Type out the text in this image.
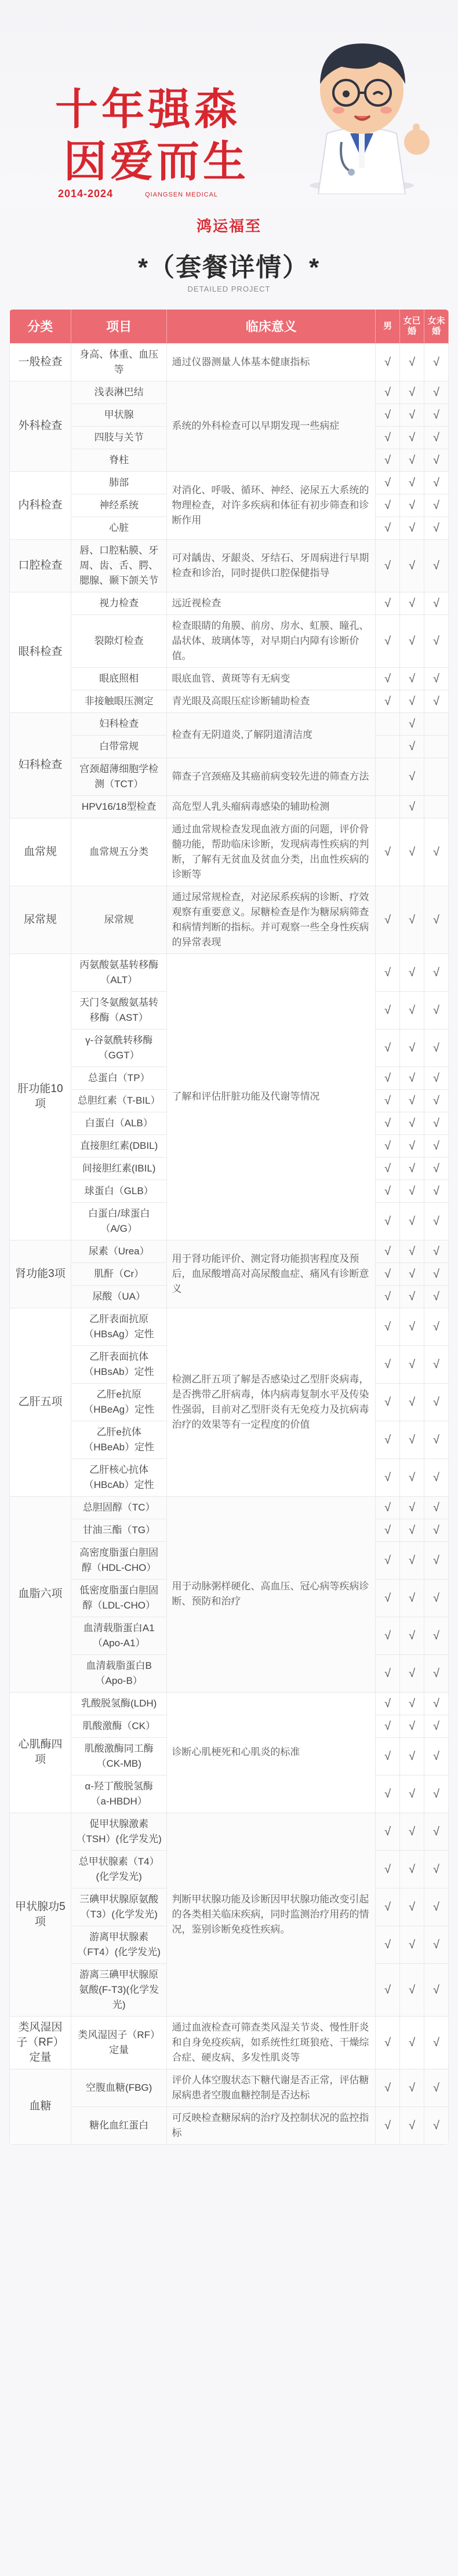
十年强森
因爱而生
2014-2024	QIANGSEN MEDICAL
鸿运福至
*（套餐详情）*
DETAILED PROJECT
分类	项目	临床意义	男	女已婚	女未婚
一般检查	身高、体重、血压等	通过仪器测量人体基本健康指标	√	√	√
外科检查	浅表淋巴结	系统的外科检查可以早期发现一些病症	√	√	√
	甲状腺		√	√	√
	四肢与关节		√	√	√
	脊柱		√	√	√
内科检查	肺部	对消化、呼吸、循环、神经、泌尿五大系统的物理检查，对许多疾病和体征有初步筛查和诊断作用	√	√	√
	神经系统		√	√	√
	心脏		√	√	√
口腔检查	唇、口腔粘膜、牙周、齿、舌、腭、腮腺、颞下颌关节	可对龋齿、牙龈炎、牙结石、牙周病进行早期检查和诊治，同时提供口腔保健指导	√	√	√
眼科检查	视力检查	远近视检查	√	√	√
	裂隙灯检查	检查眼睛的角膜、前房、房水、虹膜、瞳孔、晶状体、玻璃体等，对早期白内障有诊断价值。	√	√	√
	眼底照相	眼底血管、黄斑等有无病变	√	√	√
	非接触眼压测定	青光眼及高眼压症诊断辅助检查	√	√	√
妇科检查	妇科检查	检查有无阴道炎,了解阴道清洁度		√	
	白带常规			√	
	宫颈超薄细胞学检测（TCT）	筛查子宫颈癌及其癌前病变较先进的筛查方法		√	
	HPV16/18型检查	高危型人乳头瘤病毒感染的辅助检测		√	
血常规	血常规五分类	通过血常规检查发现血液方面的问题，评价骨髓功能，帮助临床诊断，发现病毒性疾病的判断，了解有无贫血及贫血分类，出血性疾病的诊断等	√	√	√
尿常规	尿常规	通过尿常规检查，对泌尿系疾病的诊断、疗效观察有重要意义。尿糖检查是作为糖尿病筛查和病情判断的指标。并可观察一些全身性疾病的异常表现	√	√	√
肝功能10项	丙氨酸氨基转移酶（ALT）	了解和评估肝脏功能及代谢等情况	√	√	√
	天门冬氨酸氨基转移酶（AST）		√	√	√
	γ-谷氨酰转移酶（GGT）		√	√	√
	总蛋白（TP）		√	√	√
	总胆红素（T-BIL）		√	√	√
	白蛋白（ALB）		√	√	√
	直接胆红素(DBIL)		√	√	√
	间接胆红素(IBIL)		√	√	√
	球蛋白（GLB）		√	√	√
	白蛋白/球蛋白（A/G）		√	√	√
肾功能3项	尿素（Urea）	用于肾功能评价、测定肾功能损害程度及预后，血尿酸增高对高尿酸血症、痛风有诊断意义	√	√	√
	肌酐（Cr）		√	√	√
	尿酸（UA）		√	√	√
乙肝五项	乙肝表面抗原（HBsAg）定性	检测乙肝五项了解是否感染过乙型肝炎病毒，是否携带乙肝病毒，体内病毒复制水平及传染性强弱，目前对乙型肝炎有无免疫力及抗病毒治疗的效果等有一定程度的价值	√	√	√
	乙肝表面抗体（HBsAb）定性		√	√	√
	乙肝e抗原（HBeAg）定性		√	√	√
	乙肝e抗体（HBeAb）定性		√	√	√
	乙肝核心抗体（HBcAb）定性		√	√	√
血脂六项	总胆固醇（TC）	用于动脉粥样硬化、高血压、冠心病等疾病诊断、预防和治疗	√	√	√
	甘油三酯（TG）		√	√	√
	高密度脂蛋白胆固醇（HDL-CHO）		√	√	√
	低密度脂蛋白胆固醇（LDL-CHO）		√	√	√
	血清载脂蛋白A1（Apo-A1）		√	√	√
	血清载脂蛋白B（Apo-B）		√	√	√
心肌酶四项	乳酸脱氢酶(LDH)	诊断心肌梗死和心肌炎的标准	√	√	√
	肌酸激酶（CK）		√	√	√
	肌酸激酶同工酶（CK-MB)		√	√	√
	α-羟丁酸脱氢酶（a-HBDH）		√	√	√
甲状腺功5项	促甲状腺激素（TSH）(化学发光)	判断甲状腺功能及诊断因甲状腺功能改变引起的各类相关临床疾病，同时监测治疗用药的情况，鉴别诊断免疫性疾病。	√	√	√
	总甲状腺素（T4）(化学发光)		√	√	√
	三碘甲状腺原氨酸（T3）(化学发光)		√	√	√
	游离甲状腺素（FT4）(化学发光)		√	√	√
	游离三碘甲状腺原氨酸(F-T3)(化学发光)		√	√	√
类风湿因子（RF）定量	类风湿因子（RF）定量	通过血液检查可筛查类风湿关节炎、慢性肝炎和自身免疫疾病，如系统性红斑狼疮、干燥综合症、硬皮病、多发性肌炎等	√	√	√
血糖	空腹血糖(FBG)	评价人体空腹状态下糖代谢是否正常，评估糖尿病患者空腹血糖控制是否达标	√	√	√
	糖化血红蛋白	可反映检查糖尿病的治疗及控制状况的监控指标	√	√	√
